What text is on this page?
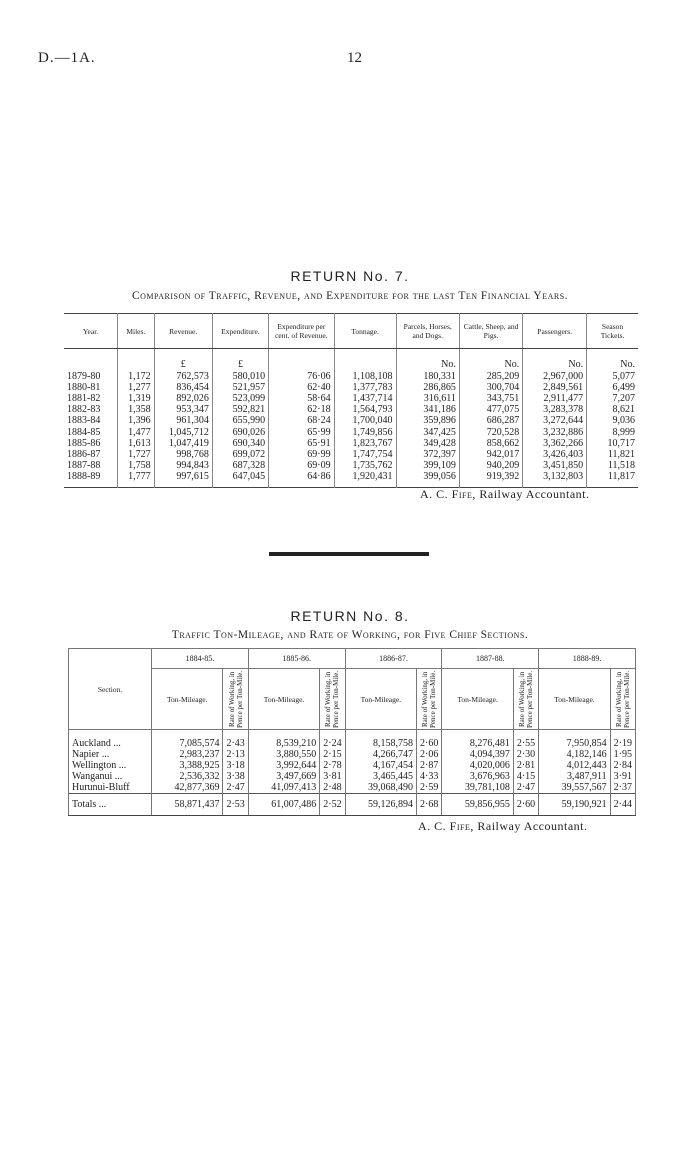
D.—1A.	12
RETURN No. 7.
Comparison of Traffic, Revenue, and Expenditure for the last Ten Financial Years.
Year.	Miles.	Revenue.	Expenditure.	Expenditure per cent. of Revenue.	Tonnage.	Parcels, Horses, and Dogs.	Cattle, Sheep, and Pigs.	Passengers.	Season Tickets.
		£	£			No.	No.	No.	No.
1879-80	1,172	762,573	580,010	76·06	1,108,108	180,331	285,209	2,967,000	5,077
1880-81	1,277	836,454	521,957	62·40	1,377,783	286,865	300,704	2,849,561	6,499
1881-82	1,319	892,026	523,099	58·64	1,437,714	316,611	343,751	2,911,477	7,207
1882-83	1,358	953,347	592,821	62·18	1,564,793	341,186	477,075	3,283,378	8,621
1883-84	1,396	961,304	655,990	68·24	1,700,040	359,896	686,287	3,272,644	9,036
1884-85	1,477	1,045,712	690,026	65·99	1,749,856	347,425	720,528	3,232,886	8,999
1885-86	1,613	1,047,419	690,340	65·91	1,823,767	349,428	858,662	3,362,266	10,717
1886-87	1,727	998,768	699,072	69·99	1,747,754	372,397	942,017	3,426,403	11,821
1887-88	1,758	994,843	687,328	69·09	1,735,762	399,109	940,209	3,451,850	11,518
1888-89	1,777	997,615	647,045	64·86	1,920,431	399,056	919,392	3,132,803	11,817

A. C. Fife, Railway Accountant.
RETURN No. 8.
Traffic Ton-Mileage, and Rate of Working, for Five Chief Sections.
Section.	1884-85.		1885-86.		1886-87.		1887-88.		1888-89.	
	Ton-Mileage.	Rate of Working, in Pence per Ton-Mile.	Ton-Mileage.	Rate of Working, in Pence per Ton-Mile.	Ton-Mileage.	Rate of Working, in Pence per Ton-Mile.	Ton-Mileage.	Rate of Working, in Pence per Ton-Mile.	Ton-Mileage.	Rate of Working, in Pence per Ton-Mile.

Auckland ...	7,085,574	2·43	8,539,210	2·24	8,158,758	2·60	8,276,481	2·55	7,950,854	2·19
Napier ...	2,983,237	2·13	3,880,550	2·15	4,266,747	2·06	4,094,397	2·30	4,182,146	1·95
Wellington ...	3,388,925	3·18	3,992,644	2·78	4,167,454	2·87	4,020,006	2·81	4,012,443	2·84
Wanganui ...	2,536,332	3·38	3,497,669	3·81	3,465,445	4·33	3,676,963	4·15	3,487,911	3·91
Hurunui-Bluff	42,877,369	2·47	41,097,413	2·48	39,068,490	2·59	39,781,108	2·47	39,557,567	2·37
Totals ...	58,871,437	2·53	61,007,486	2·52	59,126,894	2·68	59,856,955	2·60	59,190,921	2·44
A. C. Fife, Railway Accountant.
